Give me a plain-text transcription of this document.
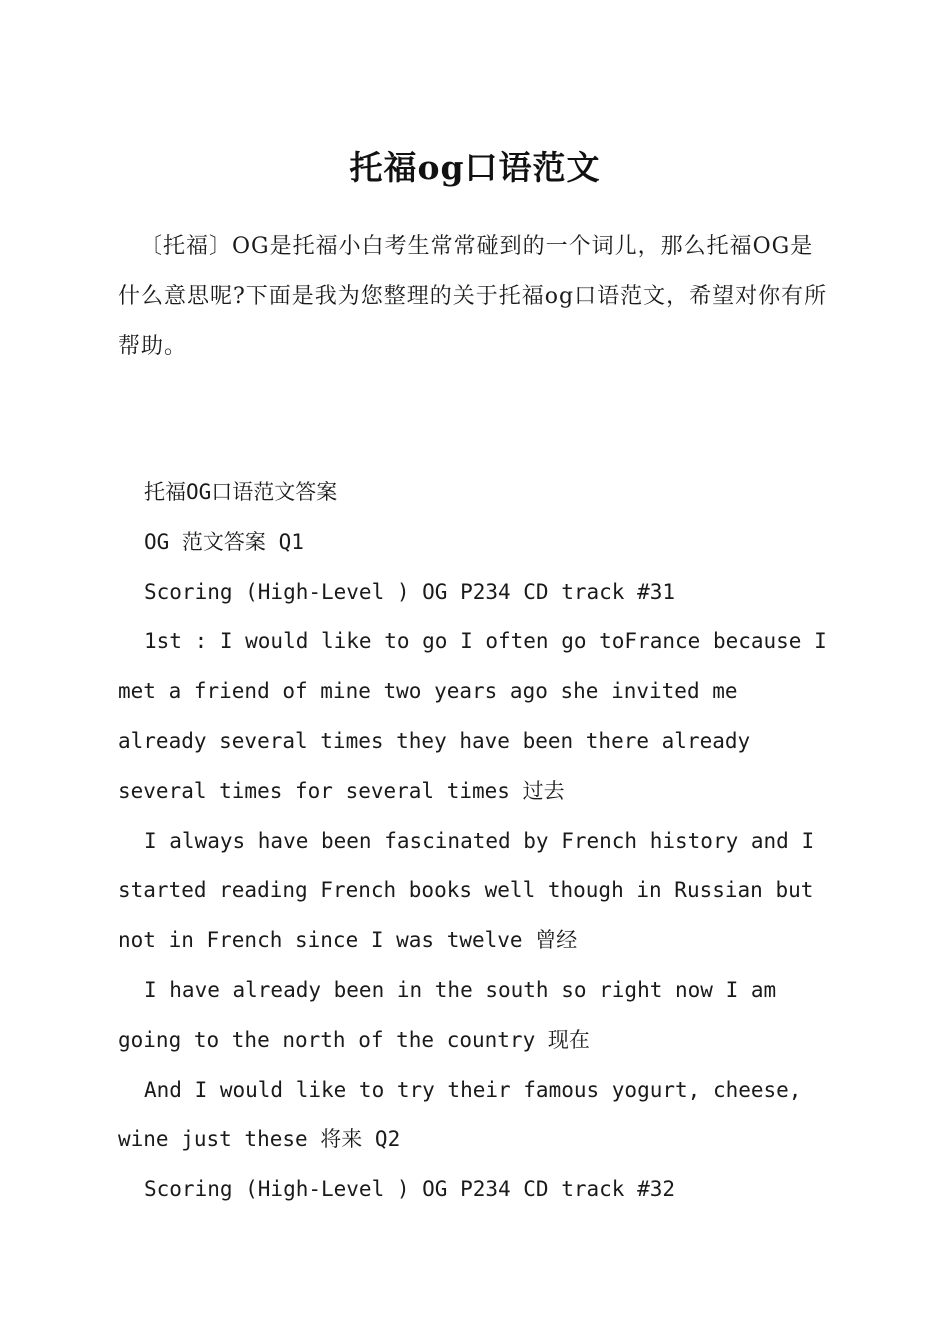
托福og口语范文

〔托福〕OG是托福小白考生常常碰到的一个词儿，那么托福OG是什么意思呢?下面是我为您整理的关于托福og口语范文，希望对你有所帮助。

托福OG口语范文答案

OG 范文答案 Q1

Scoring (High-Level ) OG P234 CD track #31

1st : I would like to go I often go toFrance because I met a friend of mine two years ago she invited me already several times they have been there already several times for several times 过去

I always have been fascinated by French history and I started reading French books well though in Russian but not in French since I was twelve 曾经

I have already been in the south so right now I am going to the north of the country 现在

And I would like to try their famous yogurt, cheese, wine just these 将来 Q2

Scoring (High-Level ) OG P234 CD track #32
